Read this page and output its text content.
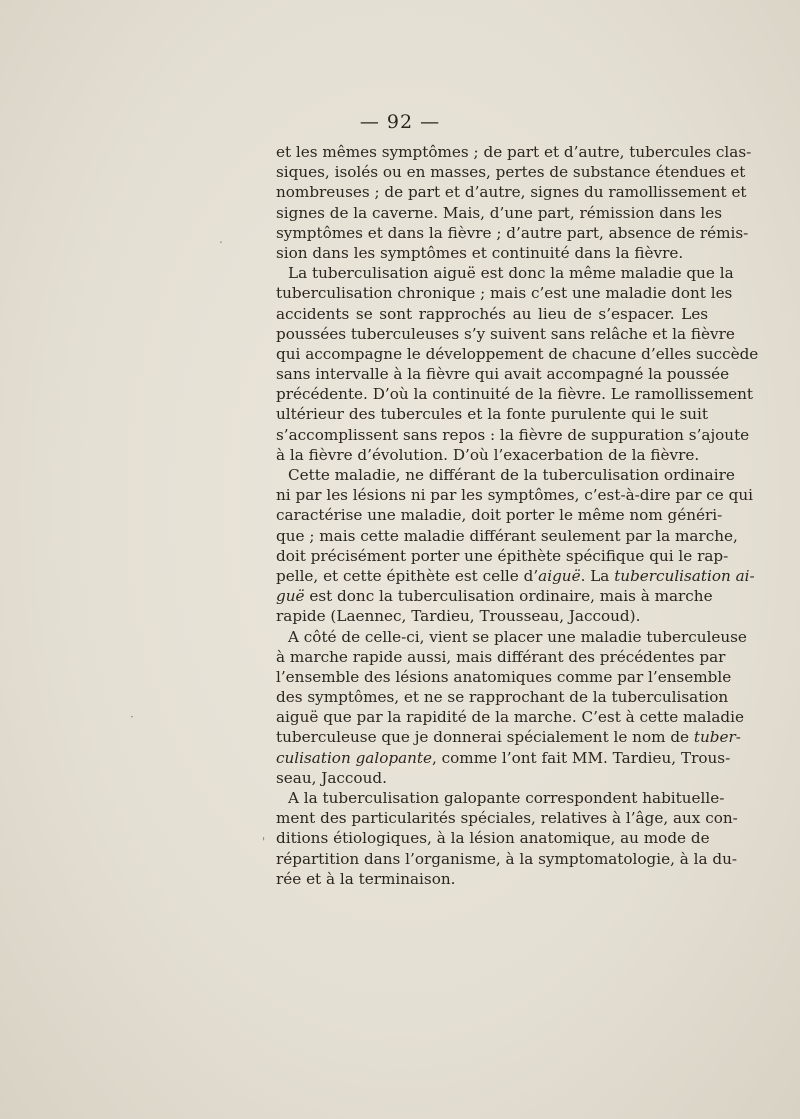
— 92 —
et les mêmes symptômes ; de part et d’autre, tubercules clas-
siques, isolés ou en masses, pertes de substance étendues et
nombreuses ; de part et d’autre, signes du ramollissement et
signes de la caverne. Mais, d’une part, rémission dans les
symptômes et dans la fièvre ; d’autre part, absence de rémis-
sion dans les symptômes et continuité dans la fièvre.
La tuberculisation aiguë est donc la même maladie que la
tuberculisation chronique ; mais c’est une maladie dont les
accidents se sont rapprochés au lieu de s’espacer. Les
poussées tuberculeuses s’y suivent sans relâche et la fièvre
qui accompagne le développement de chacune d’elles succède
sans intervalle à la fièvre qui avait accompagné la poussée
précédente. D’où la continuité de la fièvre. Le ramollissement
ultérieur des tubercules et la fonte purulente qui le suit
s’accomplissent sans repos : la fièvre de suppuration s’ajoute
à la fièvre d’évolution. D’où l’exacerbation de la fièvre.
Cette maladie, ne différant de la tuberculisation ordinaire
ni par les lésions ni par les symptômes, c’est-à-dire par ce qui
caractérise une maladie, doit porter le même nom généri-
que ; mais cette maladie différant seulement par la marche,
doit précisément porter une épithète spécifique qui le rap-
pelle, et cette épithète est celle d’aiguë. La tuberculisation ai-
guë est donc la tuberculisation ordinaire, mais à marche
rapide (Laennec, Tardieu, Trousseau, Jaccoud).
A côté de celle-ci, vient se placer une maladie tuberculeuse
à marche rapide aussi, mais différant des précédentes par
l’ensemble des lésions anatomiques comme par l’ensemble
des symptômes, et ne se rapprochant de la tuberculisation
aiguë que par la rapidité de la marche. C’est à cette maladie
tuberculeuse que je donnerai spécialement le nom de tuber-
culisation galopante, comme l’ont fait MM. Tardieu, Trous-
seau, Jaccoud.
A la tuberculisation galopante correspondent habituelle-
ment des particularités spéciales, relatives à l’âge, aux con-
ditions étiologiques, à la lésion anatomique, au mode de
répartition dans l’organisme, à la symptomatologie, à la du-
rée et à la terminaison.
.
·
'
